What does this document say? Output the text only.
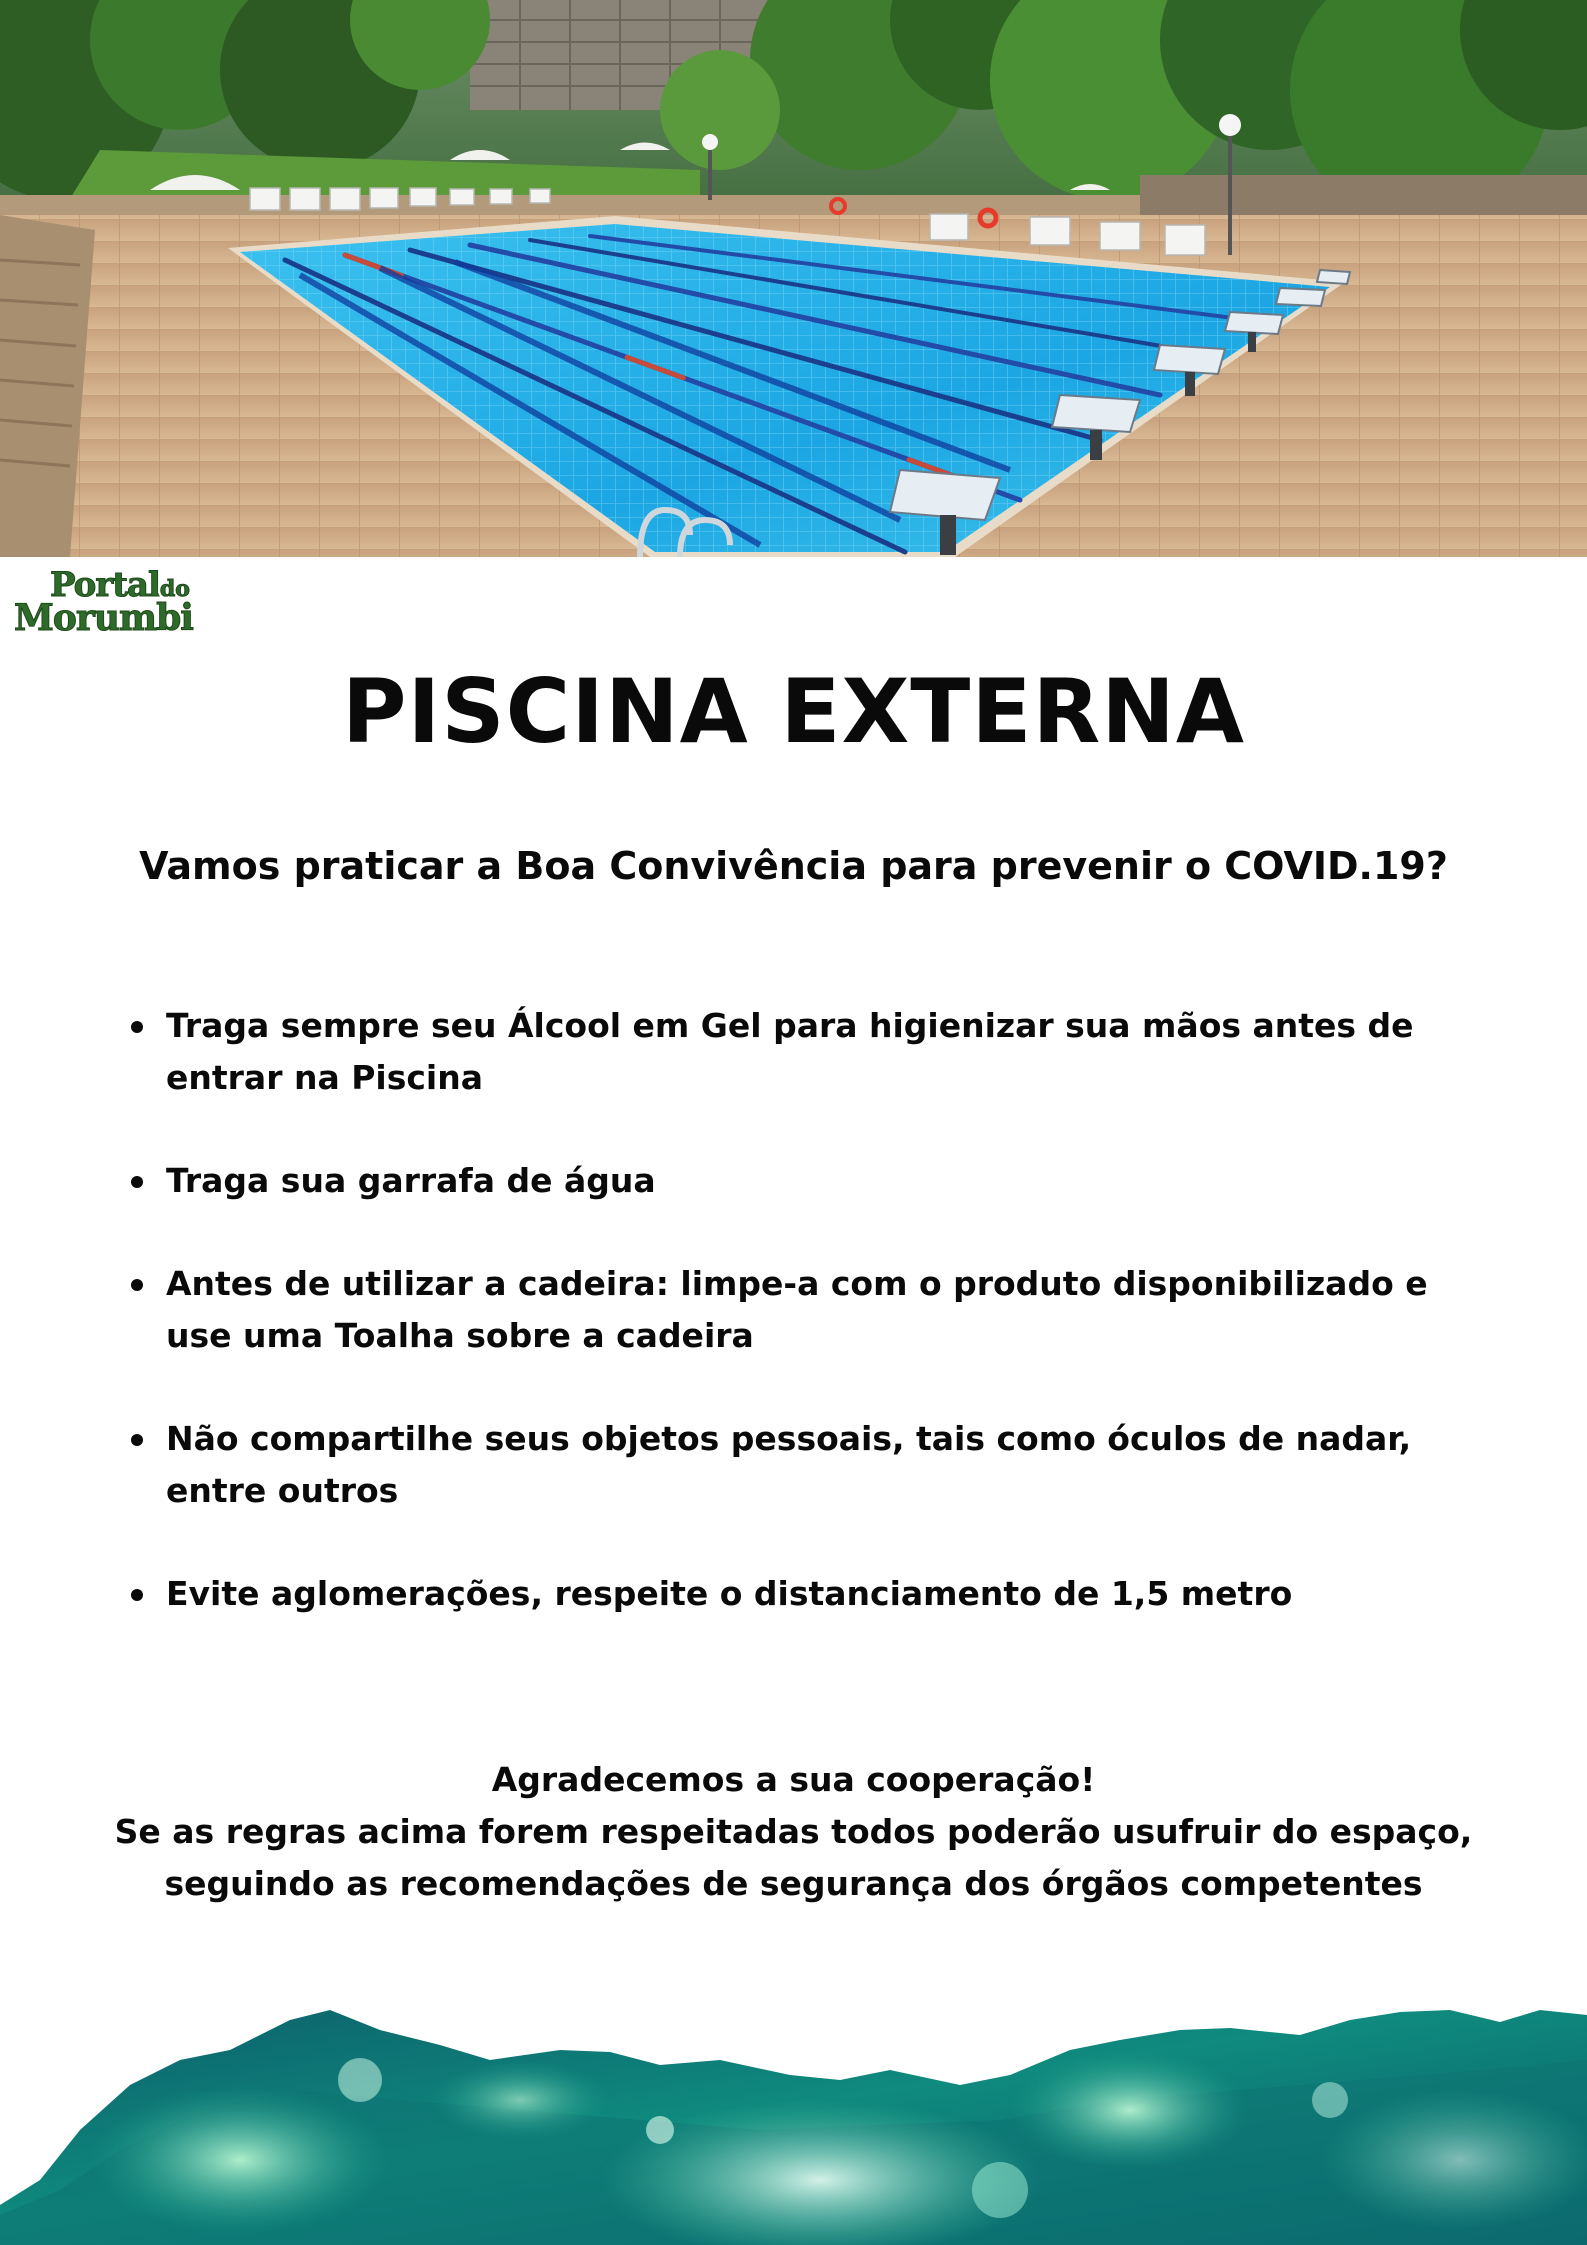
Portaldo
Morumbi
PISCINA EXTERNA
Vamos praticar a Boa Convivência para prevenir o COVID.19?
Traga sempre seu Álcool em Gel para higienizar sua mãos antes de
entrar na Piscina
Traga sua garrafa de água
Antes de utilizar a cadeira: limpe-a com o produto disponibilizado e
use uma Toalha sobre a cadeira
Não compartilhe seus objetos pessoais, tais como óculos de nadar,
entre outros
Evite aglomerações, respeite o distanciamento de 1,5 metro
Agradecemos a sua cooperação!
Se as regras acima forem respeitadas todos poderão usufruir do espaço,
seguindo as recomendações de segurança dos órgãos competentes
